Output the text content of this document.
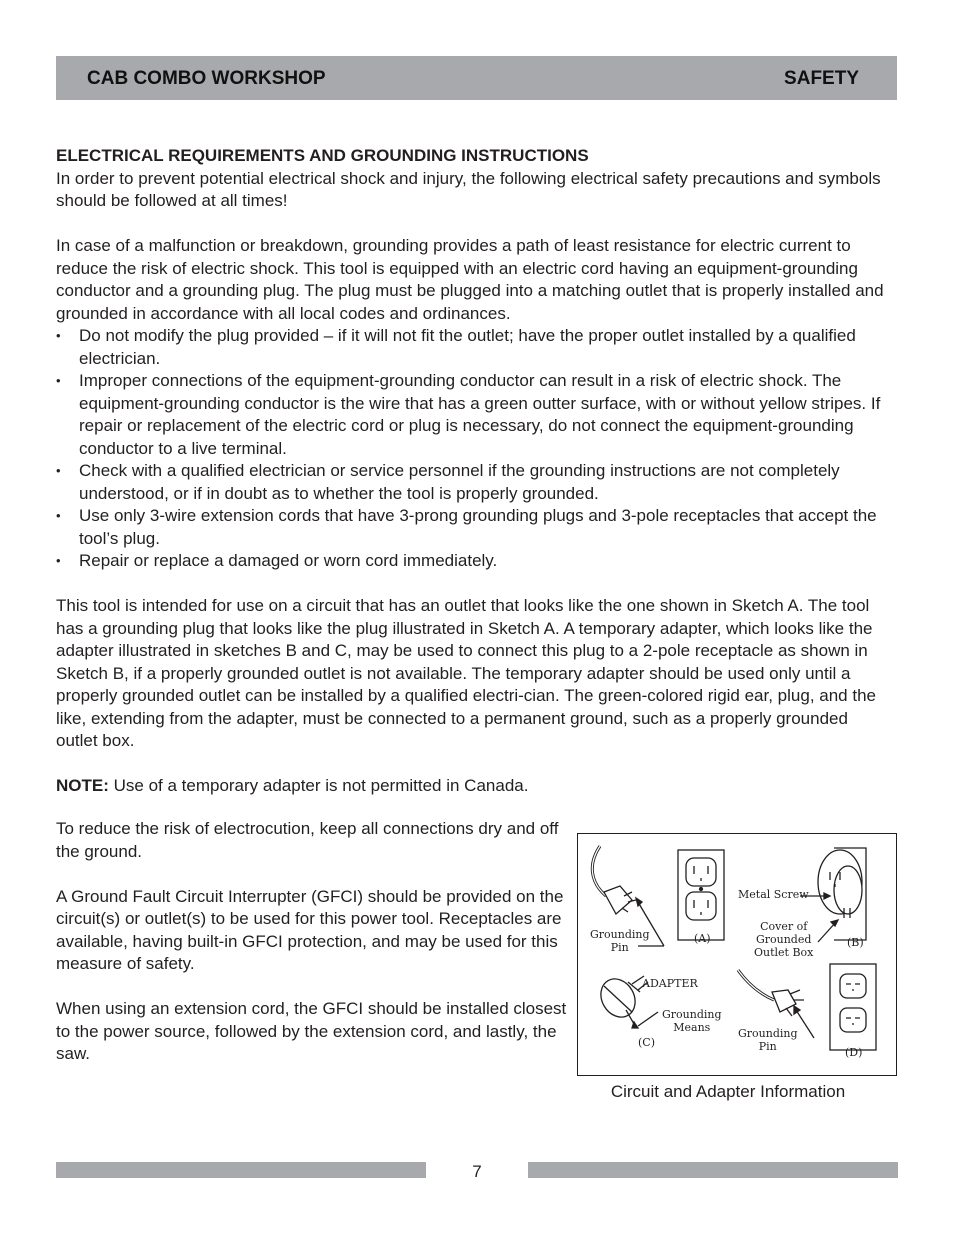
CAB COMBO WORKSHOP	SAFETY

ELECTRICAL REQUIREMENTS AND GROUNDING INSTRUCTIONS

In order to prevent potential electrical shock and injury, the following electrical safety precautions and symbols should be followed at all times!

In case of a malfunction or breakdown, grounding provides a path of least resistance for electric current to reduce the risk of electric shock. This tool is equipped with an electric cord having an equipment-grounding conductor and a grounding plug. The plug must be plugged into a matching outlet that is properly installed and grounded in accordance with all local codes and ordinances.

•	Do not modify the plug provided – if it will not fit the outlet; have the proper outlet installed by a qualified electrician.
•	Improper connections of the equipment-grounding conductor can result in a risk of electric shock. The equipment-grounding conductor is the wire that has a green outter surface, with or without yellow stripes. If repair or replacement of the electric cord or plug is necessary, do not connect the equipment-grounding conductor to a live terminal.
•	Check with a qualified electrician or service personnel if the grounding instructions are not completely understood, or if in doubt as to whether the tool is properly grounded.
•	Use only 3-wire extension cords that have 3-prong grounding plugs and 3-pole receptacles that accept the tool’s plug.
•	Repair or replace a damaged or worn cord immediately.

This tool is intended for use on a circuit that has an outlet that looks like the one shown in Sketch A. The tool has a grounding plug that looks like the plug illustrated in Sketch A. A temporary adapter, which looks like the adapter illustrated in sketches B and C, may be used to connect this plug to a 2-pole receptacle as shown in Sketch B, if a properly grounded outlet is not available. The temporary adapter should be used only until a properly grounded outlet can be installed by a qualified electri-cian. The green-colored rigid ear, plug, and the like, extending from the adapter, must be connected to a permanent ground, such as a properly grounded outlet box.

NOTE: Use of a temporary adapter is not permitted in Canada.

To reduce the risk of electrocution, keep all connections dry and off the ground.

A Ground Fault Circuit Interrupter (GFCI) should be provided on the circuit(s) or outlet(s) to be used for this power tool. Receptacles are available, having built-in GFCI protection, and may be used for this measure of safety.

When using an extension cord, the GFCI should be installed closest to the power source, followed by the extension cord, and lastly, the saw.

Grounding
Pin
(A)
Metal Screw
Cover of
Grounded
Outlet Box
(B)
ADAPTER
Grounding
Means
(C)
Grounding
Pin	(D)
Circuit and Adapter Information
7
